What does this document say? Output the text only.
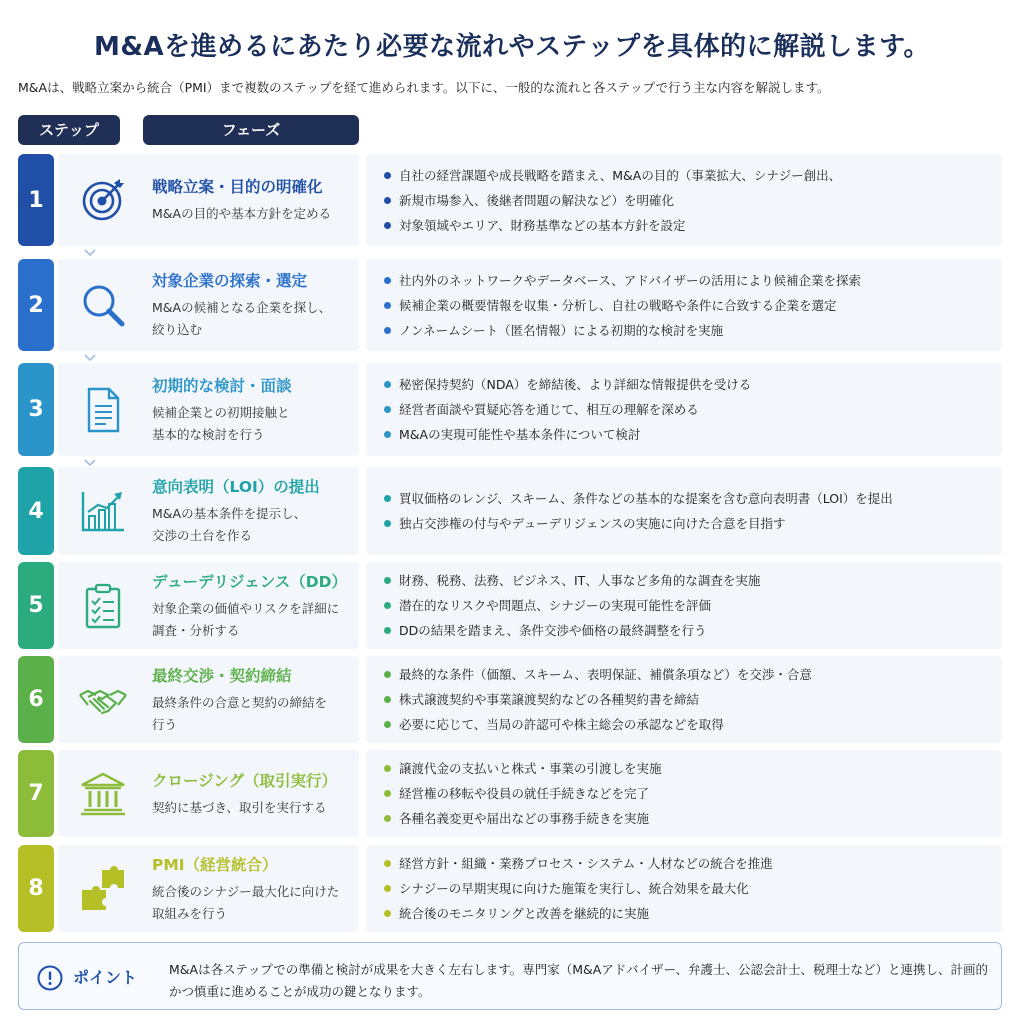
M&Aを進めるにあたり必要な流れやステップを具体的に解説します。
M&Aは、戦略立案から統合（PMI）まで複数のステップを経て進められます。以下に、一般的な流れと各ステップで行う主な内容を解説します。
ステップ	フェーズ
1
戦略立案・目的の明確化
M&Aの目的や基本方針を定める
自社の経営課題や成長戦略を踏まえ、M&Aの目的（事業拡大、シナジー創出、
新規市場参入、後継者問題の解決など）を明確化
対象領域やエリア、財務基準などの基本方針を設定
2
対象企業の探索・選定
M&Aの候補となる企業を探し、
絞り込む
社内外のネットワークやデータベース、アドバイザーの活用により候補企業を探索
候補企業の概要情報を収集・分析し、自社の戦略や条件に合致する企業を選定
ノンネームシート（匿名情報）による初期的な検討を実施
3
初期的な検討・面談
候補企業との初期接触と
基本的な検討を行う
秘密保持契約（NDA）を締結後、より詳細な情報提供を受ける
経営者面談や質疑応答を通じて、相互の理解を深める
M&Aの実現可能性や基本条件について検討
4
意向表明（LOI）の提出
M&Aの基本条件を提示し、
交渉の土台を作る
買収価格のレンジ、スキーム、条件などの基本的な提案を含む意向表明書（LOI）を提出
独占交渉権の付与やデューデリジェンスの実施に向けた合意を目指す
5
デューデリジェンス（DD）
対象企業の価値やリスクを詳細に
調査・分析する
財務、税務、法務、ビジネス、IT、人事など多角的な調査を実施
潜在的なリスクや問題点、シナジーの実現可能性を評価
DDの結果を踏まえ、条件交渉や価格の最終調整を行う
6
最終交渉・契約締結
最終条件の合意と契約の締結を
行う
最終的な条件（価額、スキーム、表明保証、補償条項など）を交渉・合意
株式譲渡契約や事業譲渡契約などの各種契約書を締結
必要に応じて、当局の許認可や株主総会の承認などを取得
7
クロージング（取引実行）
契約に基づき、取引を実行する
譲渡代金の支払いと株式・事業の引渡しを実施
経営権の移転や役員の就任手続きなどを完了
各種名義変更や届出などの事務手続きを実施
8
PMI（経営統合）
統合後のシナジー最大化に向けた
取組みを行う
経営方針・組織・業務プロセス・システム・人材などの統合を推進
シナジーの早期実現に向けた施策を実行し、統合効果を最大化
統合後のモニタリングと改善を継続的に実施
ポイント	M&Aは各ステップでの準備と検討が成果を大きく左右します。専門家（M&Aアドバイザー、弁護士、公認会計士、税理士など）と連携し、計画的かつ慎重に進めることが成功の鍵となります。
